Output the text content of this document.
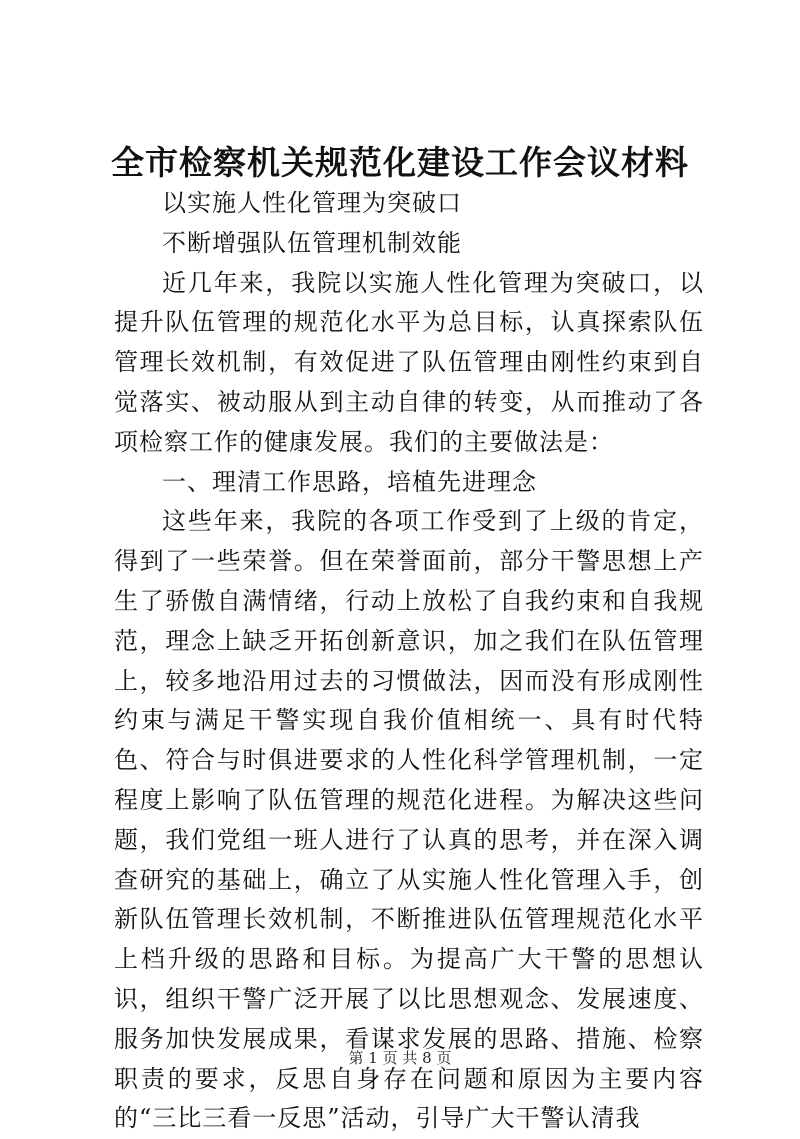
全市检察机关规范化建设工作会议材料

以实施人性化管理为突破口

不断增强队伍管理机制效能

近几年来，我院以实施人性化管理为突破口，以提升队伍管理的规范化水平为总目标，认真探索队伍管理长效机制，有效促进了队伍管理由刚性约束到自觉落实、被动服从到主动自律的转变，从而推动了各项检察工作的健康发展。我们的主要做法是：

一、理清工作思路，培植先进理念

这些年来，我院的各项工作受到了上级的肯定，得到了一些荣誉。但在荣誉面前，部分干警思想上产生了骄傲自满情绪，行动上放松了自我约束和自我规范，理念上缺乏开拓创新意识，加之我们在队伍管理上，较多地沿用过去的习惯做法，因而没有形成刚性约束与满足干警实现自我价值相统一、具有时代特色、符合与时俱进要求的人性化科学管理机制，一定程度上影响了队伍管理的规范化进程。为解决这些问题，我们党组一班人进行了认真的思考，并在深入调查研究的基础上，确立了从实施人性化管理入手，创新队伍管理长效机制，不断推进队伍管理规范化水平上档升级的思路和目标。为提高广大干警的思想认识，组织干警广泛开展了以比思想观念、发展速度、服务加快发展成果，看谋求发展的思路、措施、检察职责的要求，反思自身存在问题和原因为主要内容的“三比三看一反思”活动，引导广大干警认清我

第 1 页 共 8 页
